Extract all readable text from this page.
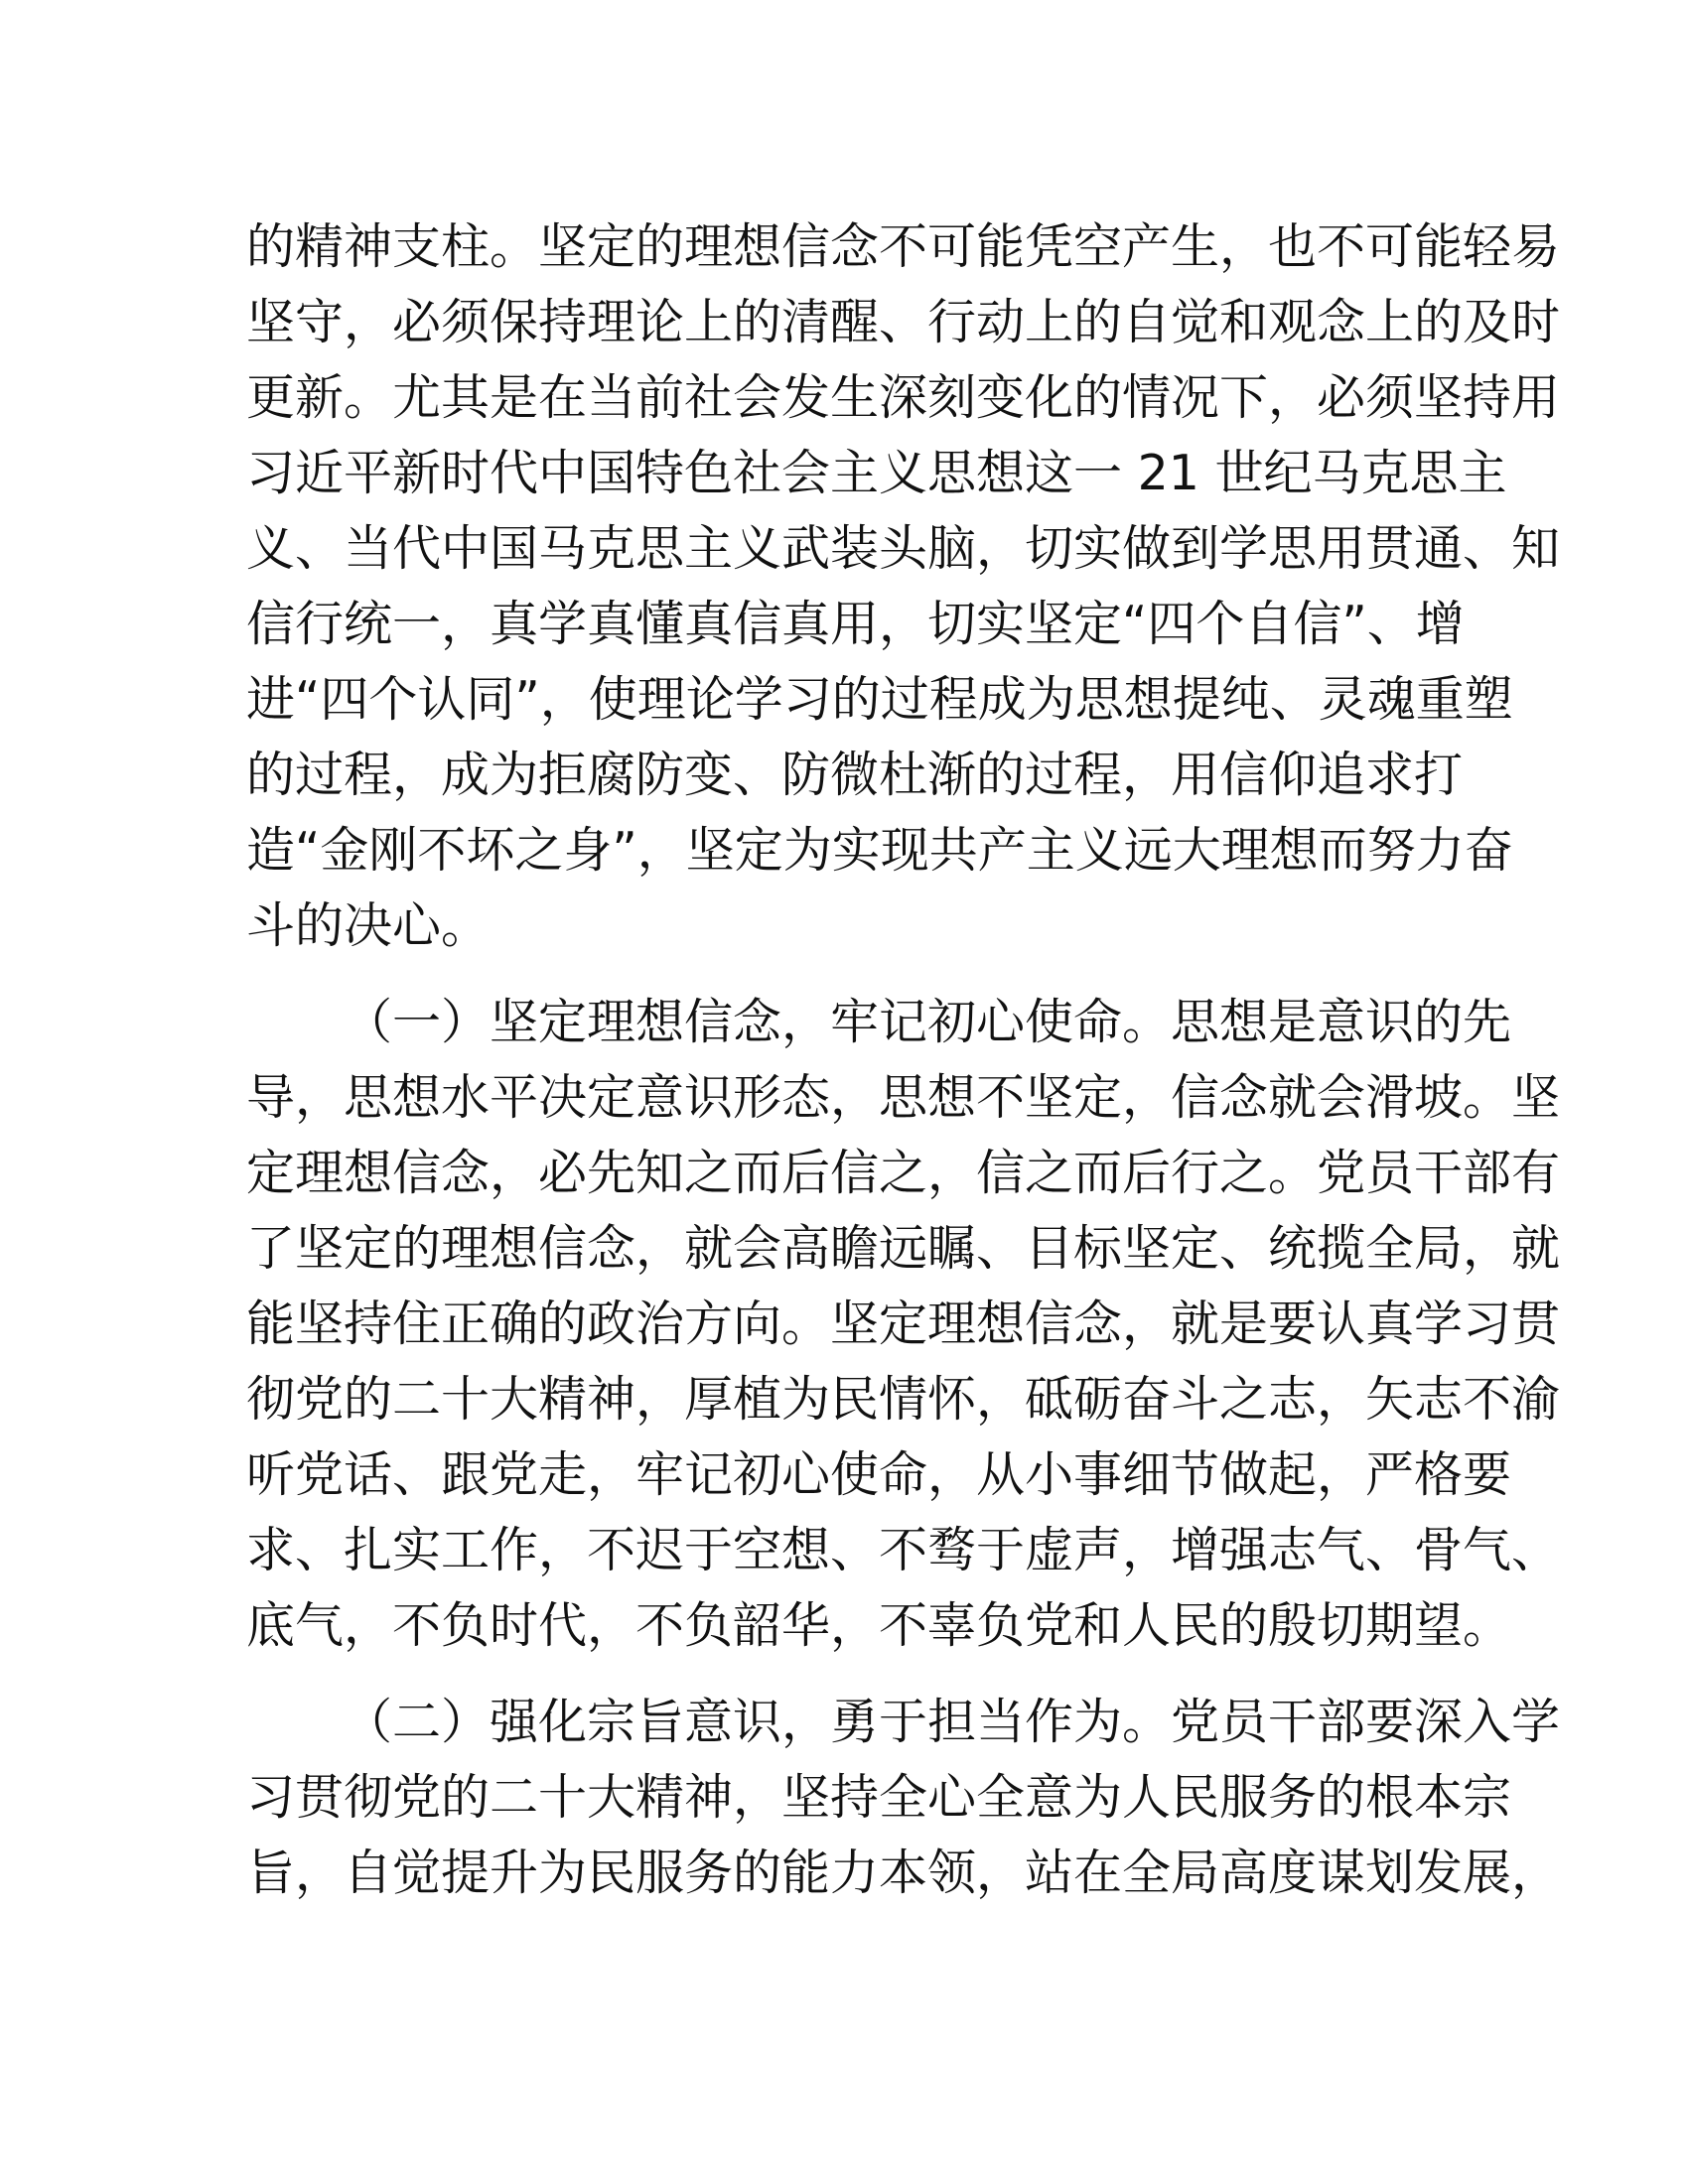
的精神支柱。坚定的理想信念不可能凭空产生，也不可能轻易
坚守，必须保持理论上的清醒、行动上的自觉和观念上的及时
更新。尤其是在当前社会发生深刻变化的情况下，必须坚持用
习近平新时代中国特色社会主义思想这一 21 世纪马克思主
义、当代中国马克思主义武装头脑，切实做到学思用贯通、知
信行统一，真学真懂真信真用，切实坚定“四个自信”、增
进“四个认同”，使理论学习的过程成为思想提纯、灵魂重塑
的过程，成为拒腐防变、防微杜渐的过程，用信仰追求打
造“金刚不坏之身”，坚定为实现共产主义远大理想而努力奋
斗的决心。
（一）坚定理想信念，牢记初心使命。思想是意识的先
导，思想水平决定意识形态，思想不坚定，信念就会滑坡。坚
定理想信念，必先知之而后信之，信之而后行之。党员干部有
了坚定的理想信念，就会高瞻远瞩、目标坚定、统揽全局，就
能坚持住正确的政治方向。坚定理想信念，就是要认真学习贯
彻党的二十大精神，厚植为民情怀，砥砺奋斗之志，矢志不渝
听党话、跟党走，牢记初心使命，从小事细节做起，严格要
求、扎实工作，不迟于空想、不骛于虚声，增强志气、骨气、
底气，不负时代，不负韶华，不辜负党和人民的殷切期望。
（二）强化宗旨意识，勇于担当作为。党员干部要深入学
习贯彻党的二十大精神，坚持全心全意为人民服务的根本宗
旨，自觉提升为民服务的能力本领，站在全局高度谋划发展，
